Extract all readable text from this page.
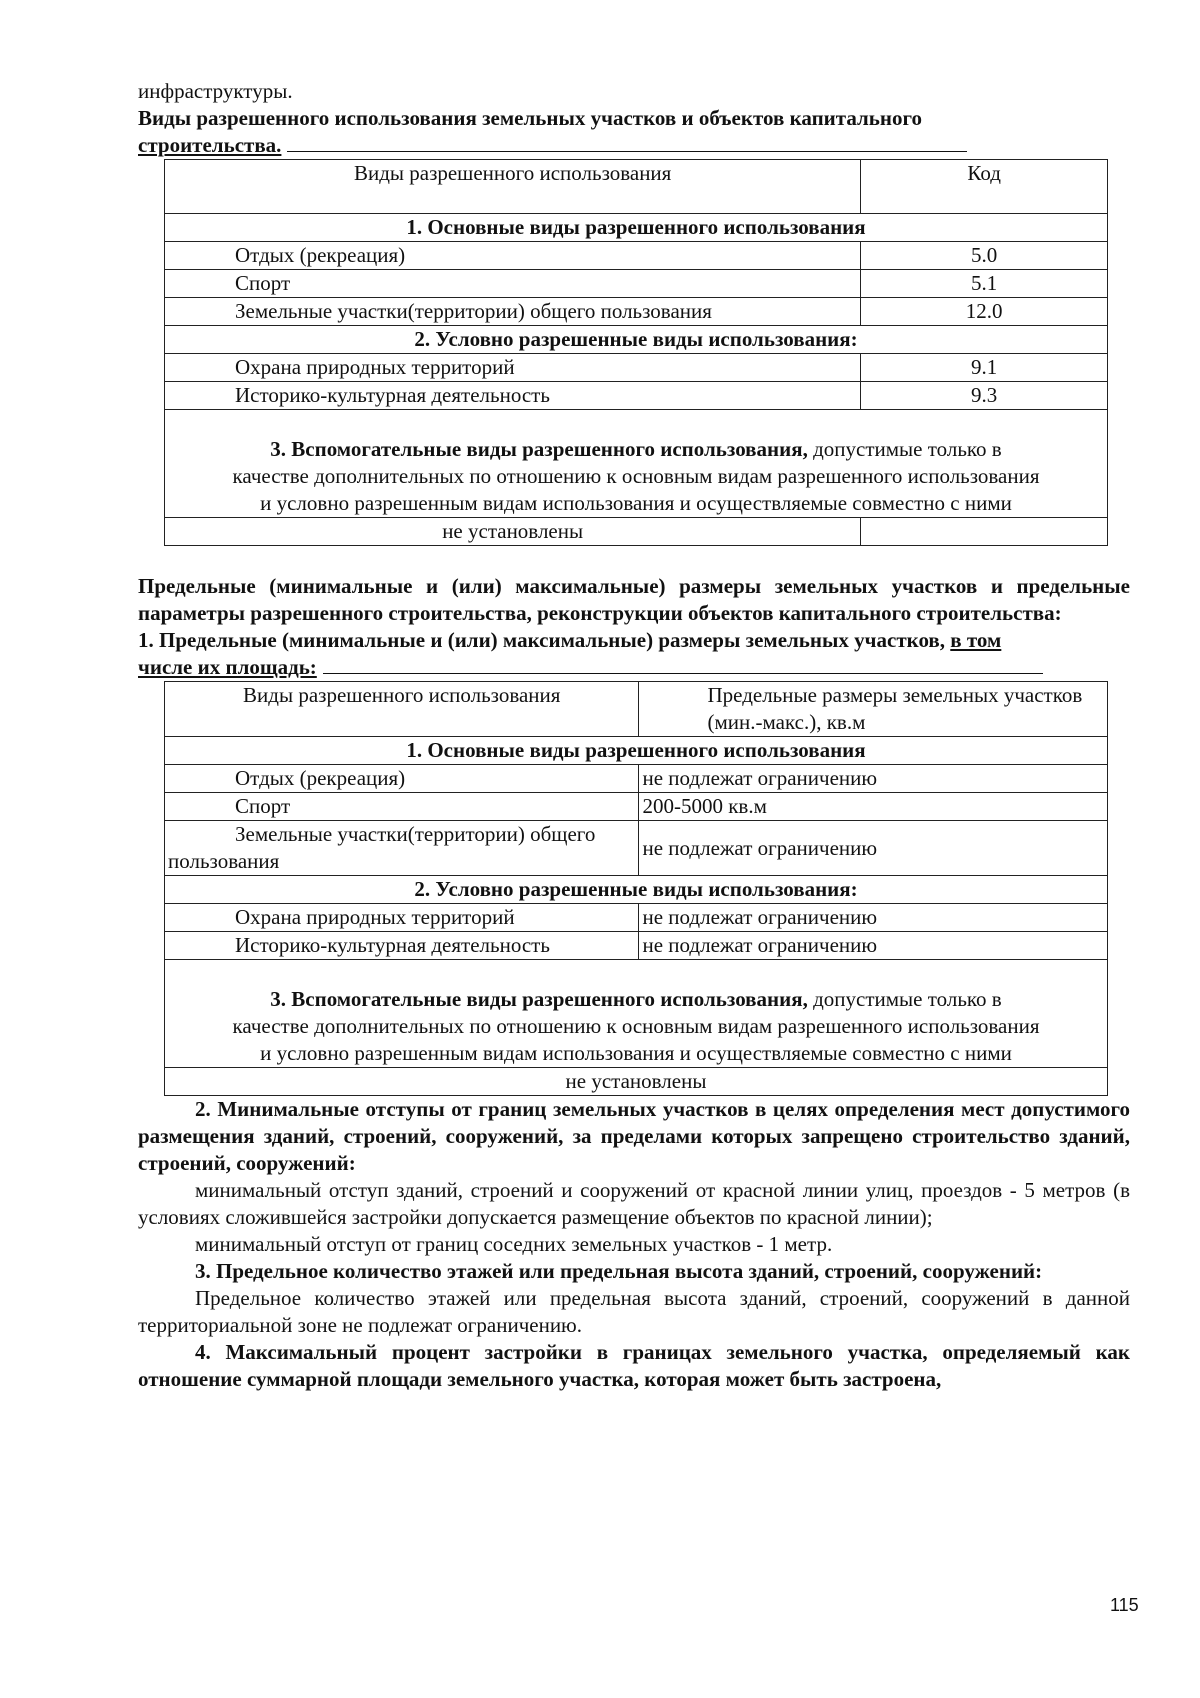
инфраструктуры.

Виды разрешенного использования земельных участков и объектов капитального
строительства.

Виды разрешенного использования	Код
1. Основные виды разрешенного использования	
Отдых (рекреация)	5.0
Спорт	5.1
Земельные участки(территории) общего пользования	12.0
2. Условно разрешенные виды использования:	
Охрана природных территорий	9.1
Историко-культурная деятельность	9.3
3. Вспомогательные виды разрешенного использования, допустимые только в
качестве дополнительных по отношению к основным видам разрешенного использования
и условно разрешенным видам использования и осуществляемые совместно с ними	
не установлены	

Предельные (минимальные и (или) максимальные) размеры земельных участков и предельные параметры разрешенного строительства, реконструкции объектов капитального строительства:

1. Предельные (минимальные и (или) максимальные) размеры земельных участков, в том
числе их площадь:

Виды разрешенного использования	Предельные размеры земельных участков (мин.-макс.), кв.м
1. Основные виды разрешенного использования	
Отдых (рекреация)	не подлежат ограничению
Спорт	200-5000 кв.м
Земельные участки(территории) общего
пользования	не подлежат ограничению
2. Условно разрешенные виды использования:	
Охрана природных территорий	не подлежат ограничению
Историко-культурная деятельность	не подлежат ограничению
3. Вспомогательные виды разрешенного использования, допустимые только в
качестве дополнительных по отношению к основным видам разрешенного использования
и условно разрешенным видам использования и осуществляемые совместно с ними	
не установлены	

2. Минимальные отступы от границ земельных участков в целях определения мест допустимого размещения зданий, строений, сооружений, за пределами которых запрещено строительство зданий, строений, сооружений:

минимальный отступ зданий, строений и сооружений от красной линии улиц, проездов - 5 метров (в условиях сложившейся застройки допускается размещение объектов по красной линии);

минимальный отступ от границ соседних земельных участков - 1 метр.

3. Предельное количество этажей или предельная высота зданий, строений, сооружений:

Предельное количество этажей или предельная высота зданий, строений, сооружений в данной территориальной зоне не подлежат ограничению.

4. Максимальный процент застройки в границах земельного участка, определяемый как отношение суммарной площади земельного участка, которая может быть застроена,

115
